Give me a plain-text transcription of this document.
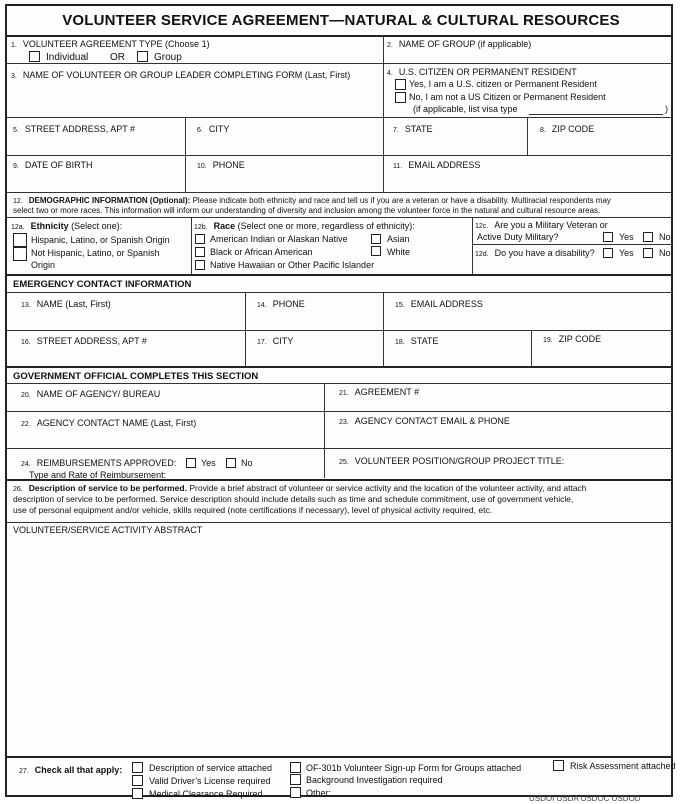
VOLUNTEER SERVICE AGREEMENT—NATURAL & CULTURAL RESOURCES
1. VOLUNTEER AGREEMENT TYPE (Choose 1)
Individual OR	Group
2. NAME OF GROUP (if applicable)
3. NAME OF VOLUNTEER OR GROUP LEADER COMPLETING FORM (Last, First)	4. U.S. CITIZEN OR PERMANENT RESIDENT
Yes, I am a U.S. citizen or Permanent Resident
No, I am not a US Citizen or Permanent Resident
(if applicable, list visa type	)
5. STREET ADDRESS, APT #	6. CITY	7. STATE	8. ZIP CODE
9. DATE OF BIRTH	10. PHONE	11. EMAIL ADDRESS
12. DEMOGRAPHIC INFORMATION (Optional): Please indicate both ethnicity and race and tell us if you are a veteran or have a disability. Multiracial respondents may
select two or more races. This information will inform our understanding of diversity and inclusion among the volunteer force in the natural and cultural resource areas.
12a. Ethnicity (Select one):
Hispanic, Latino, or Spanish Origin
Not Hispanic, Latino, or Spanish
Origin
12b. Race (Select one or more, regardless of ethnicity):
American Indian or Alaskan Native	Asian
Black or African American	White
Native Hawaiian or Other Pacific Islander
12c. Are you a Military Veteran or
Active Duty Military?	Yes	No
12d. Do you have a disability?	Yes	No
EMERGENCY CONTACT INFORMATION
13. NAME (Last, First)	14. PHONE	15. EMAIL ADDRESS
16. STREET ADDRESS, APT #	17. CITY	18. STATE	19. ZIP CODE
GOVERNMENT OFFICIAL COMPLETES THIS SECTION
20. NAME OF AGENCY/ BUREAU	21. AGREEMENT #
22. AGENCY CONTACT NAME (Last, First)	23. AGENCY CONTACT EMAIL & PHONE
24. REIMBURSEMENTS APPROVED:	Yes	No
Type and Rate of Reimbursement:
25. VOLUNTEER POSITION/GROUP PROJECT TITLE:
26. Description of service to be performed. Provide a brief abstract of volunteer or service activity and the location of the volunteer activity, and attach
description of service to be performed. Service description should include details such as time and schedule commitment, use of government vehicle,
use of personal equipment and/or vehicle, skills required (note certifications if necessary), level of physical activity required, etc.
VOLUNTEER/SERVICE ACTIVITY ABSTRACT
27. Check all that apply:	Description of service attached	OF-301b Volunteer Sign-up Form for Groups attached	Risk Assessment attached
Valid Driver’s License required	Background Investigation required
Medical Clearance Required	Other:
USDOI USDA USDOC USDOD
